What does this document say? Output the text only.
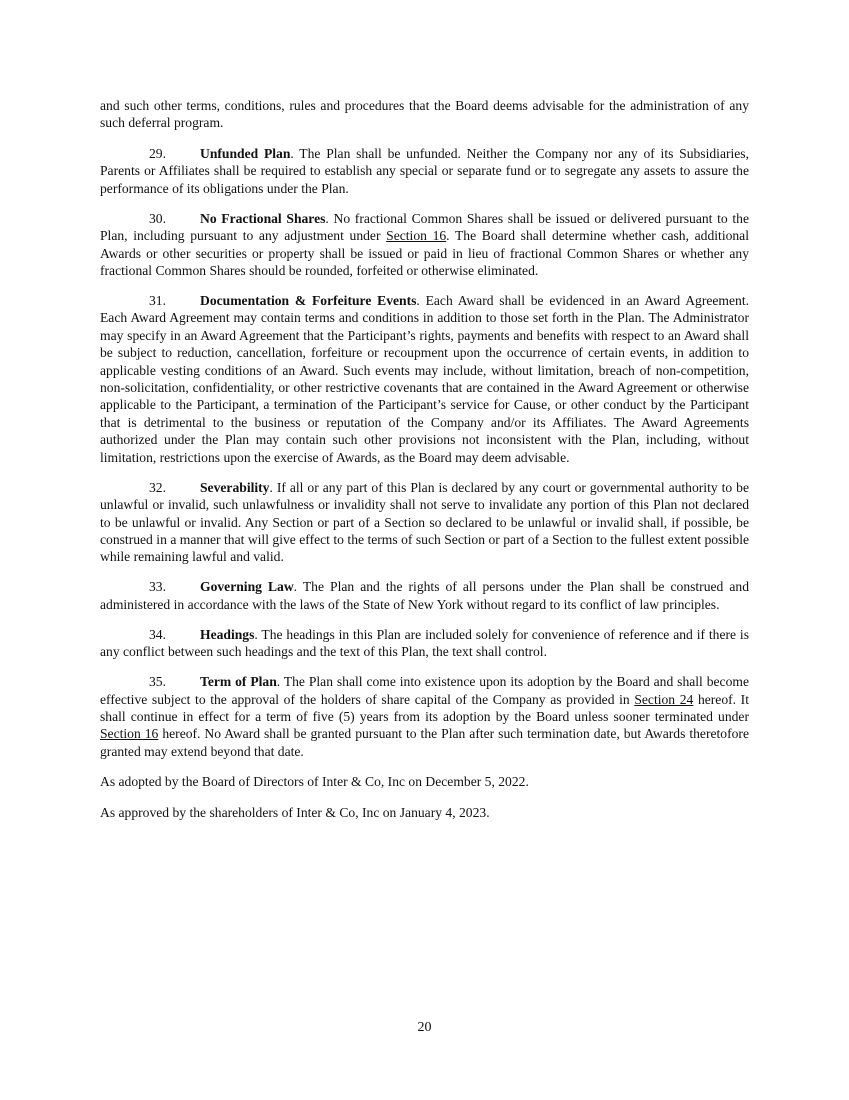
and such other terms, conditions, rules and procedures that the Board deems advisable for the administration of any such deferral program.

29.	Unfunded Plan. The Plan shall be unfunded. Neither the Company nor any of its Subsidiaries, Parents or Affiliates shall be required to establish any special or separate fund or to segregate any assets to assure the performance of its obligations under the Plan.

30.	No Fractional Shares. No fractional Common Shares shall be issued or delivered pursuant to the Plan, including pursuant to any adjustment under Section 16. The Board shall determine whether cash, additional Awards or other securities or property shall be issued or paid in lieu of fractional Common Shares or whether any fractional Common Shares should be rounded, forfeited or otherwise eliminated.

31.	Documentation & Forfeiture Events. Each Award shall be evidenced in an Award Agreement. Each Award Agreement may contain terms and conditions in addition to those set forth in the Plan. The Administrator may specify in an Award Agreement that the Participant’s rights, payments and benefits with respect to an Award shall be subject to reduction, cancellation, forfeiture or recoupment upon the occurrence of certain events, in addition to applicable vesting conditions of an Award. Such events may include, without limitation, breach of non-competition, non-solicitation, confidentiality, or other restrictive covenants that are contained in the Award Agreement or otherwise applicable to the Participant, a termination of the Participant’s service for Cause, or other conduct by the Participant that is detrimental to the business or reputation of the Company and/or its Affiliates. The Award Agreements authorized under the Plan may contain such other provisions not inconsistent with the Plan, including, without limitation, restrictions upon the exercise of Awards, as the Board may deem advisable.

32.	Severability. If all or any part of this Plan is declared by any court or governmental authority to be unlawful or invalid, such unlawfulness or invalidity shall not serve to invalidate any portion of this Plan not declared to be unlawful or invalid. Any Section or part of a Section so declared to be unlawful or invalid shall, if possible, be construed in a manner that will give effect to the terms of such Section or part of a Section to the fullest extent possible while remaining lawful and valid.

33.	Governing Law. The Plan and the rights of all persons under the Plan shall be construed and administered in accordance with the laws of the State of New York without regard to its conflict of law principles.

34.	Headings. The headings in this Plan are included solely for convenience of reference and if there is any conflict between such headings and the text of this Plan, the text shall control.

35.	Term of Plan. The Plan shall come into existence upon its adoption by the Board and shall become effective subject to the approval of the holders of share capital of the Company as provided in Section 24 hereof. It shall continue in effect for a term of five (5) years from its adoption by the Board unless sooner terminated under Section 16 hereof. No Award shall be granted pursuant to the Plan after such termination date, but Awards theretofore granted may extend beyond that date.

As adopted by the Board of Directors of Inter & Co, Inc on December 5, 2022.

As approved by the shareholders of Inter & Co, Inc on January 4, 2023.

20
